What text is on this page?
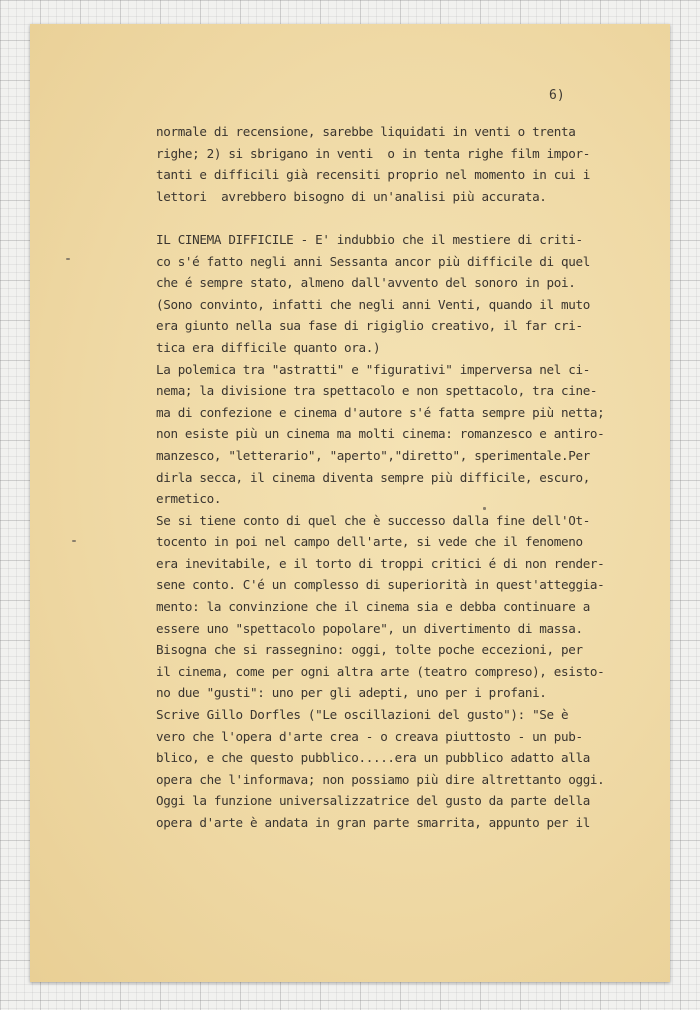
6)
normale di recensione, sarebbe liquidati in venti o trenta
righe; 2) si sbrigano in venti  o in tenta righe film impor-
tanti e difficili già recensiti proprio nel momento in cui i
lettori  avrebbero bisogno di un'analisi più accurata.
IL CINEMA DIFFICILE - E' indubbio che il mestiere di criti-
co s'é fatto negli anni Sessanta ancor più difficile di quel
che é sempre stato, almeno dall'avvento del sonoro in poi.
(Sono convinto, infatti che negli anni Venti, quando il muto
era giunto nella sua fase di rigiglio creativo, il far cri-
tica era difficile quanto ora.)
La polemica tra "astratti" e "figurativi" imperversa nel ci-
nema; la divisione tra spettacolo e non spettacolo, tra cine-
ma di confezione e cinema d'autore s'é fatta sempre più netta;
non esiste più un cinema ma molti cinema: romanzesco e antiro-
manzesco, "letterario", "aperto","diretto", sperimentale.Per
dirla secca, il cinema diventa sempre più difficile, escuro,
ermetico.
Se si tiene conto di quel che è successo dalla fine dell'Ot-
tocento in poi nel campo dell'arte, si vede che il fenomeno
era inevitabile, e il torto di troppi critici é di non render-
sene conto. C'é un complesso di superiorità in quest'atteggia-
mento: la convinzione che il cinema sia e debba continuare a
essere uno "spettacolo popolare", un divertimento di massa.
Bisogna che si rassegnino: oggi, tolte poche eccezioni, per
il cinema, come per ogni altra arte (teatro compreso), esisto-
no due "gusti": uno per gli adepti, uno per i profani.
Scrive Gillo Dorfles ("Le oscillazioni del gusto"): "Se è
vero che l'opera d'arte crea - o creava piuttosto - un pub-
blico, e che questo pubblico.....era un pubblico adatto alla
opera che l'informava; non possiamo più dire altrettanto oggi.
Oggi la funzione universalizzatrice del gusto da parte della
opera d'arte è andata in gran parte smarrita, appunto per il
